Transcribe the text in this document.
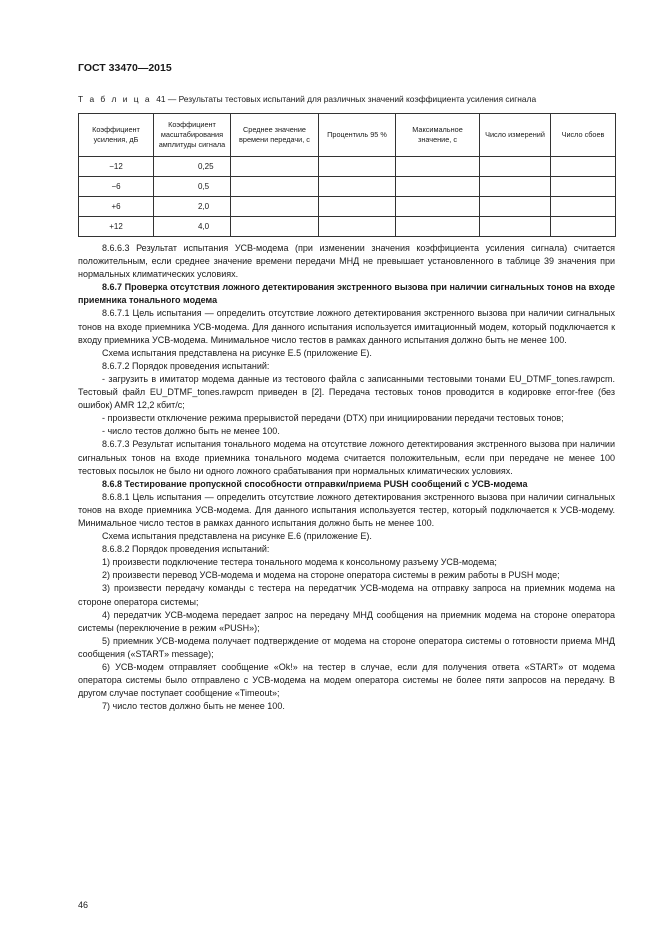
ГОСТ 33470—2015
Т а б л и ц а 41 — Результаты тестовых испытаний для различных значений коэффициента усиления сигнала
Коэффициент усиления, дБ	Коэффициент масштабирования амплитуды сигнала	Среднее значение времени передачи, с	Процентиль 95 %	Максимальное значение, с	Число измерений	Число сбоев
−12	0,25					
−6	0,5					
+6	2,0					
+12	4,0					

8.6.6.3 Результат испытания УСВ-модема (при изменении значения коэффициента усиления сигнала) считается положительным, если среднее значение времени передачи МНД не превышает установленного в таблице 39 значения при нормальных климатических условиях.

8.6.7 Проверка отсутствия ложного детектирования экстренного вызова при наличии сигнальных тонов на входе приемника тонального модема

8.6.7.1 Цель испытания — определить отсутствие ложного детектирования экстренного вызова при наличии сигнальных тонов на входе приемника УСВ-модема. Для данного испытания используется имитационный модем, который подключается к входу приемника УСВ-модема. Минимальное число тестов в рамках данного испытания должно быть не менее 100.

Схема испытания представлена на рисунке Е.5 (приложение Е).

8.6.7.2 Порядок проведения испытаний:

- загрузить в имитатор модема данные из тестового файла с записанными тестовыми тонами EU_DTMF_tones.rawpcm. Тестовый файл EU_DTMF_tones.rawpcm приведен в [2]. Передача тестовых тонов проводится в кодировке error-free (без ошибок) AMR 12,2 кбит/с;

- произвести отключение режима прерывистой передачи (DTX) при инициировании передачи тестовых тонов;

- число тестов должно быть не менее 100.

8.6.7.3 Результат испытания тонального модема на отсутствие ложного детектирования экстренного вызова при наличии сигнальных тонов на входе приемника тонального модема считается положительным, если при передаче не менее 100 тестовых посылок не было ни одного ложного срабатывания при нормальных климатических условиях.

8.6.8 Тестирование пропускной способности отправки/приема PUSH сообщений с УСВ-модема

8.6.8.1 Цель испытания — определить отсутствие ложного детектирования экстренного вызова при наличии сигнальных тонов на входе приемника УСВ-модема. Для данного испытания используется тестер, который подключается к УСВ-модему. Минимальное число тестов в рамках данного испытания должно быть не менее 100.

Схема испытания представлена на рисунке Е.6 (приложение Е).

8.6.8.2 Порядок проведения испытаний:

1) произвести подключение тестера тонального модема к консольному разъему УСВ-модема;

2) произвести перевод УСВ-модема и модема на стороне оператора системы в режим работы в PUSH моде;

3) произвести передачу команды с тестера на передатчик УСВ-модема на отправку запроса на приемник модема на стороне оператора системы;

4) передатчик УСВ-модема передает запрос на передачу МНД сообщения на приемник модема на стороне оператора системы (переключение в режим «PUSH»);

5) приемник УСВ-модема получает подтверждение от модема на стороне оператора системы о готовности приема МНД сообщения («START» message);

6) УСВ-модем отправляет сообщение «Ok!» на тестер в случае, если для получения ответа «START» от модема оператора системы было отправлено с УСВ-модема на модем оператора системы не более пяти запросов на передачу. В другом случае поступает сообщение «Timeout»;

7) число тестов должно быть не менее 100.

46
